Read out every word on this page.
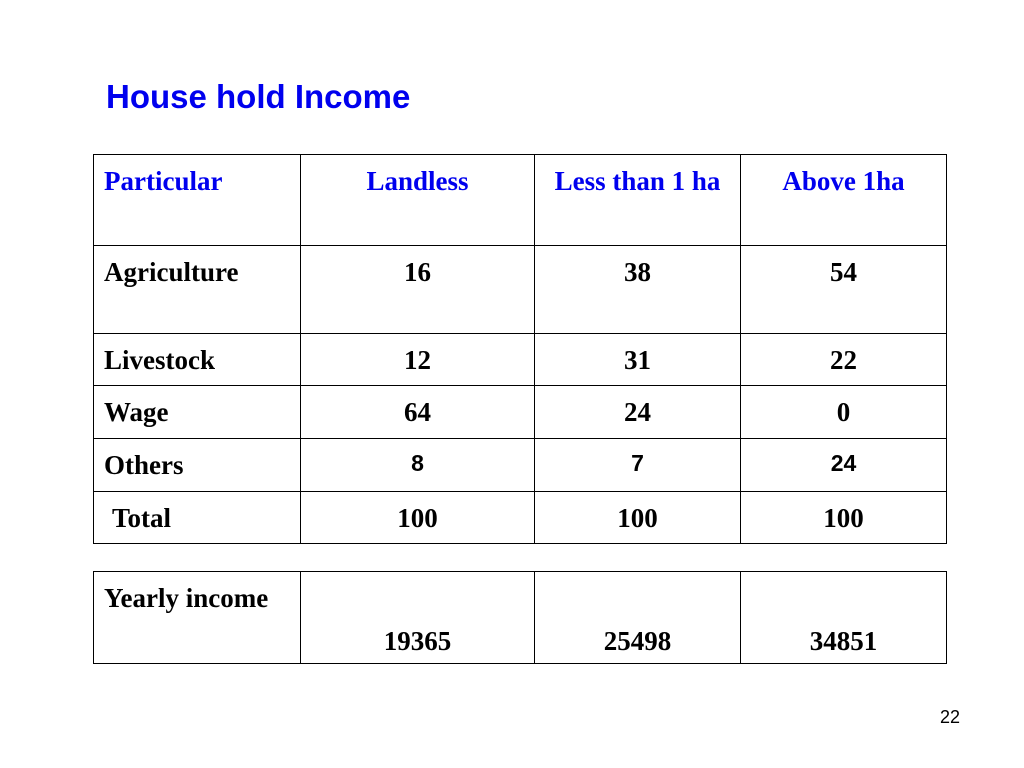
House hold Income
Particular	Landless	Less than 1 ha	Above 1ha
Agriculture	16	38	54
Livestock	12	31	22
Wage	64	24	0
Others	8	7	24
Total	100	100	100
Yearly income	19365	25498	34851
22
